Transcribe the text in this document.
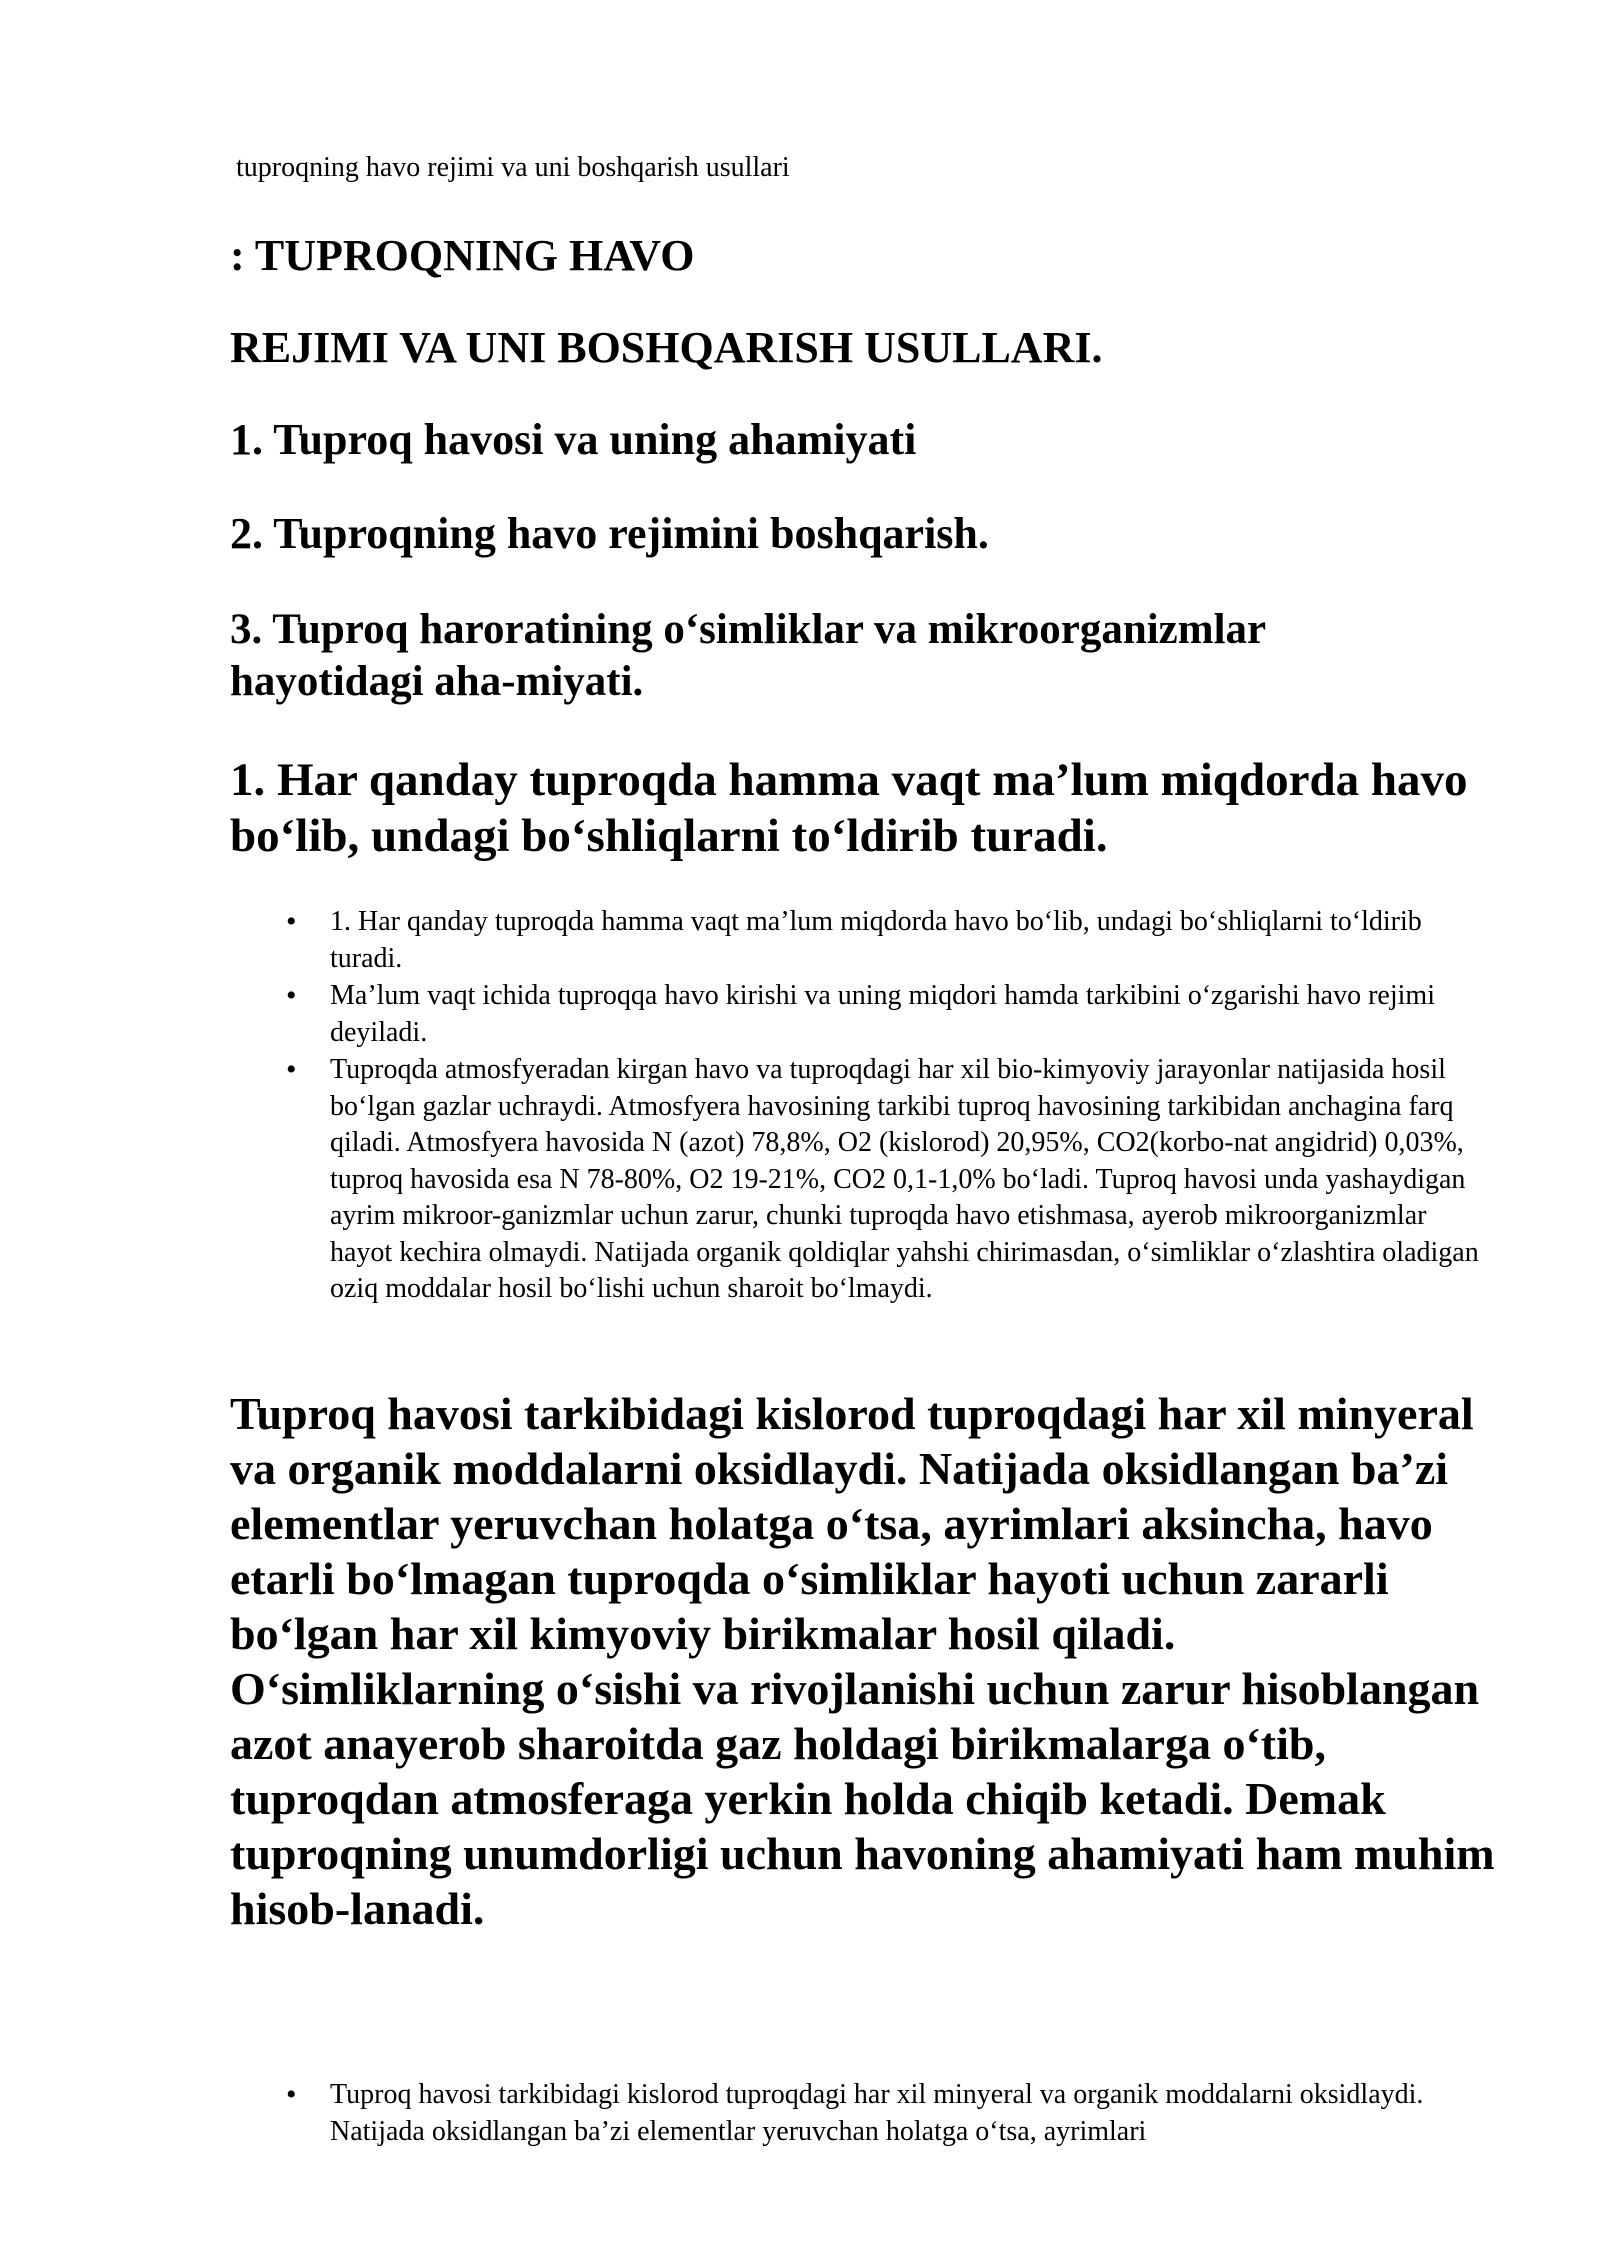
tuproqning havo rejimi va uni boshqarish usullari
: TUPROQNING HAVO
REJIMI VA UNI BOSHQARISH USULLARI.
1. Tuproq havosi va uning ahamiyati
2. Tuproqning havo rejimini boshqarish.
3. Tuproq haroratining o‘simliklar va mikroorganizmlar hayotidagi aha-miyati.
1. Har qanday tuproqda hamma vaqt ma’lum miqdorda havo bo‘lib, undagi bo‘shliqlarni to‘ldirib turadi.
• 1. Har qanday tuproqda hamma vaqt ma’lum miqdorda havo bo‘lib, undagi bo‘shliqlarni to‘ldirib turadi.
• Ma’lum vaqt ichida tuproqqa havo kirishi va uning miqdori hamda tarkibini o‘zgarishi havo rejimi deyiladi.
• Tuproqda atmosfyeradan kirgan havo va tuproqdagi har xil bio-kimyoviy jarayonlar natijasida hosil bo‘lgan gazlar uchraydi. Atmosfyera havosining tarkibi tuproq havosining tarkibidan anchagina farq qiladi. Atmosfyera havosida N (azot) 78,8%, O2 (kislorod) 20,95%, CO2(korbo-nat angidrid) 0,03%, tuproq havosida esa N 78-80%, O2 19-21%, CO2 0,1-1,0% bo‘ladi. Tuproq havosi unda yashaydigan ayrim mikroor-ganizmlar uchun zarur, chunki tuproqda havo etishmasa, ayerob mikroorganizmlar hayot kechira olmaydi. Natijada organik qoldiqlar yahshi chirimasdan, o‘simliklar o‘zlashtira oladigan oziq moddalar hosil bo‘lishi uchun sharoit bo‘lmaydi.

Tuproq havosi tarkibidagi kislorod tuproqdagi har xil minyeral va organik moddalarni oksidlaydi. Natijada oksidlangan ba’zi elementlar yeruvchan holatga o‘tsa, ayrimlari aksincha, havo etarli bo‘lmagan tuproqda o‘simliklar hayoti uchun zararli bo‘lgan har xil kimyoviy birikmalar hosil qiladi. O‘simliklarning o‘sishi va rivojlanishi uchun zarur hisoblangan azot anayerob sharoitda gaz holdagi birikmalarga o‘tib, tuproqdan atmosferaga yerkin holda chiqib ketadi. Demak tuproqning unumdorligi uchun havoning ahamiyati ham muhim hisob-lanadi.

• Tuproq havosi tarkibidagi kislorod tuproqdagi har xil minyeral va organik moddalarni oksidlaydi. Natijada oksidlangan ba’zi elementlar yeruvchan holatga o‘tsa, ayrimlari
